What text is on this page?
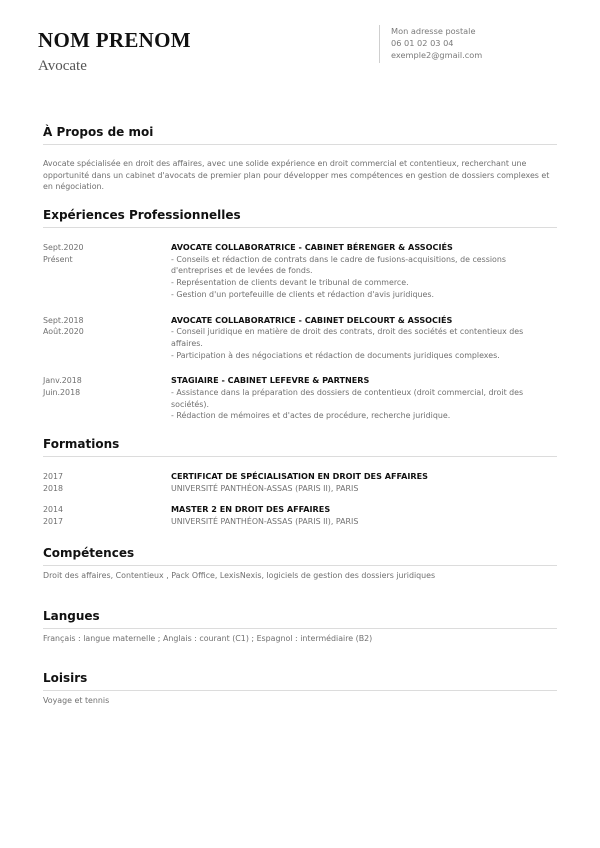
NOM PRENOM

Avocate

Mon adresse postale
06 01 02 03 04
exemple2@gmail.com
À Propos de moi

Avocate spécialisée en droit des affaires, avec une solide expérience en droit commercial et contentieux, recherchant une opportunité dans un cabinet d'avocats de premier plan pour développer mes compétences en gestion de dossiers complexes et en négociation.

Expériences Professionnelles
Sept.2020
Présent
AVOCATE COLLABORATRICE - CABINET BÉRENGER & ASSOCIÉS
- Conseils et rédaction de contrats dans le cadre de fusions-acquisitions, de cessions d'entreprises et de levées de fonds.
- Représentation de clients devant le tribunal de commerce.
- Gestion d'un portefeuille de clients et rédaction d'avis juridiques.
Sept.2018
Août.2020
AVOCATE COLLABORATRICE - CABINET DELCOURT & ASSOCIÉS
- Conseil juridique en matière de droit des contrats, droit des sociétés et contentieux des affaires.
- Participation à des négociations et rédaction de documents juridiques complexes.
Janv.2018
Juin.2018
STAGIAIRE - CABINET LEFEVRE & PARTNERS
- Assistance dans la préparation des dossiers de contentieux (droit commercial, droit des sociétés).
- Rédaction de mémoires et d'actes de procédure, recherche juridique.
Formations
2017
2018
CERTIFICAT DE SPÉCIALISATION EN DROIT DES AFFAIRES
UNIVERSITÉ PANTHÉON-ASSAS (PARIS II), PARIS
2014
2017
MASTER 2 EN DROIT DES AFFAIRES
UNIVERSITÉ PANTHÉON-ASSAS (PARIS II), PARIS
Compétences

Droit des affaires, Contentieux , Pack Office, LexisNexis, logiciels de gestion des dossiers juridiques

Langues

Français : langue maternelle ; Anglais : courant (C1) ; Espagnol : intermédiaire (B2)

Loisirs

Voyage et tennis
